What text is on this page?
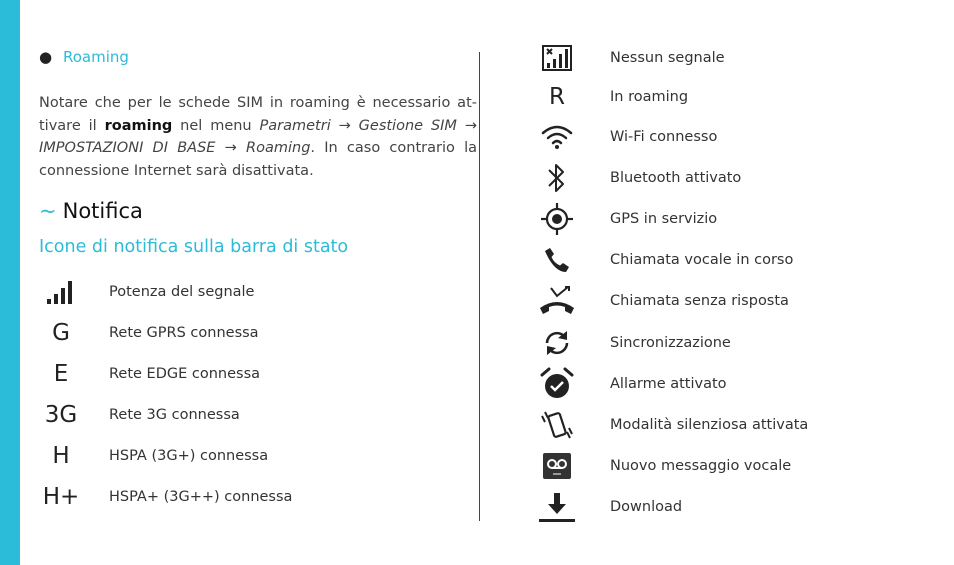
● Roaming
Notare che per le schede SIM in roaming è necessario at-tivare il roaming nel menu Parametri → Gestione SIM → IMPOSTAZIONI DI BASE → Roaming. In caso contrario la connessione Internet sarà disattivata.
~ Notifica
Icone di notifica sulla barra di stato
Potenza del segnale
G	Rete GPRS connessa
E	Rete EDGE connessa
3G	Rete 3G connessa
H	HSPA (3G+) connessa
H+ HSPA+ (3G++) connessa
Nessun segnale
R	In roaming
Wi-Fi connesso
Bluetooth attivato
GPS in servizio
Chiamata vocale in corso
Chiamata senza risposta
Sincronizzazione
Allarme attivato
Modalità silenziosa attivata
Nuovo messaggio vocale
Download
